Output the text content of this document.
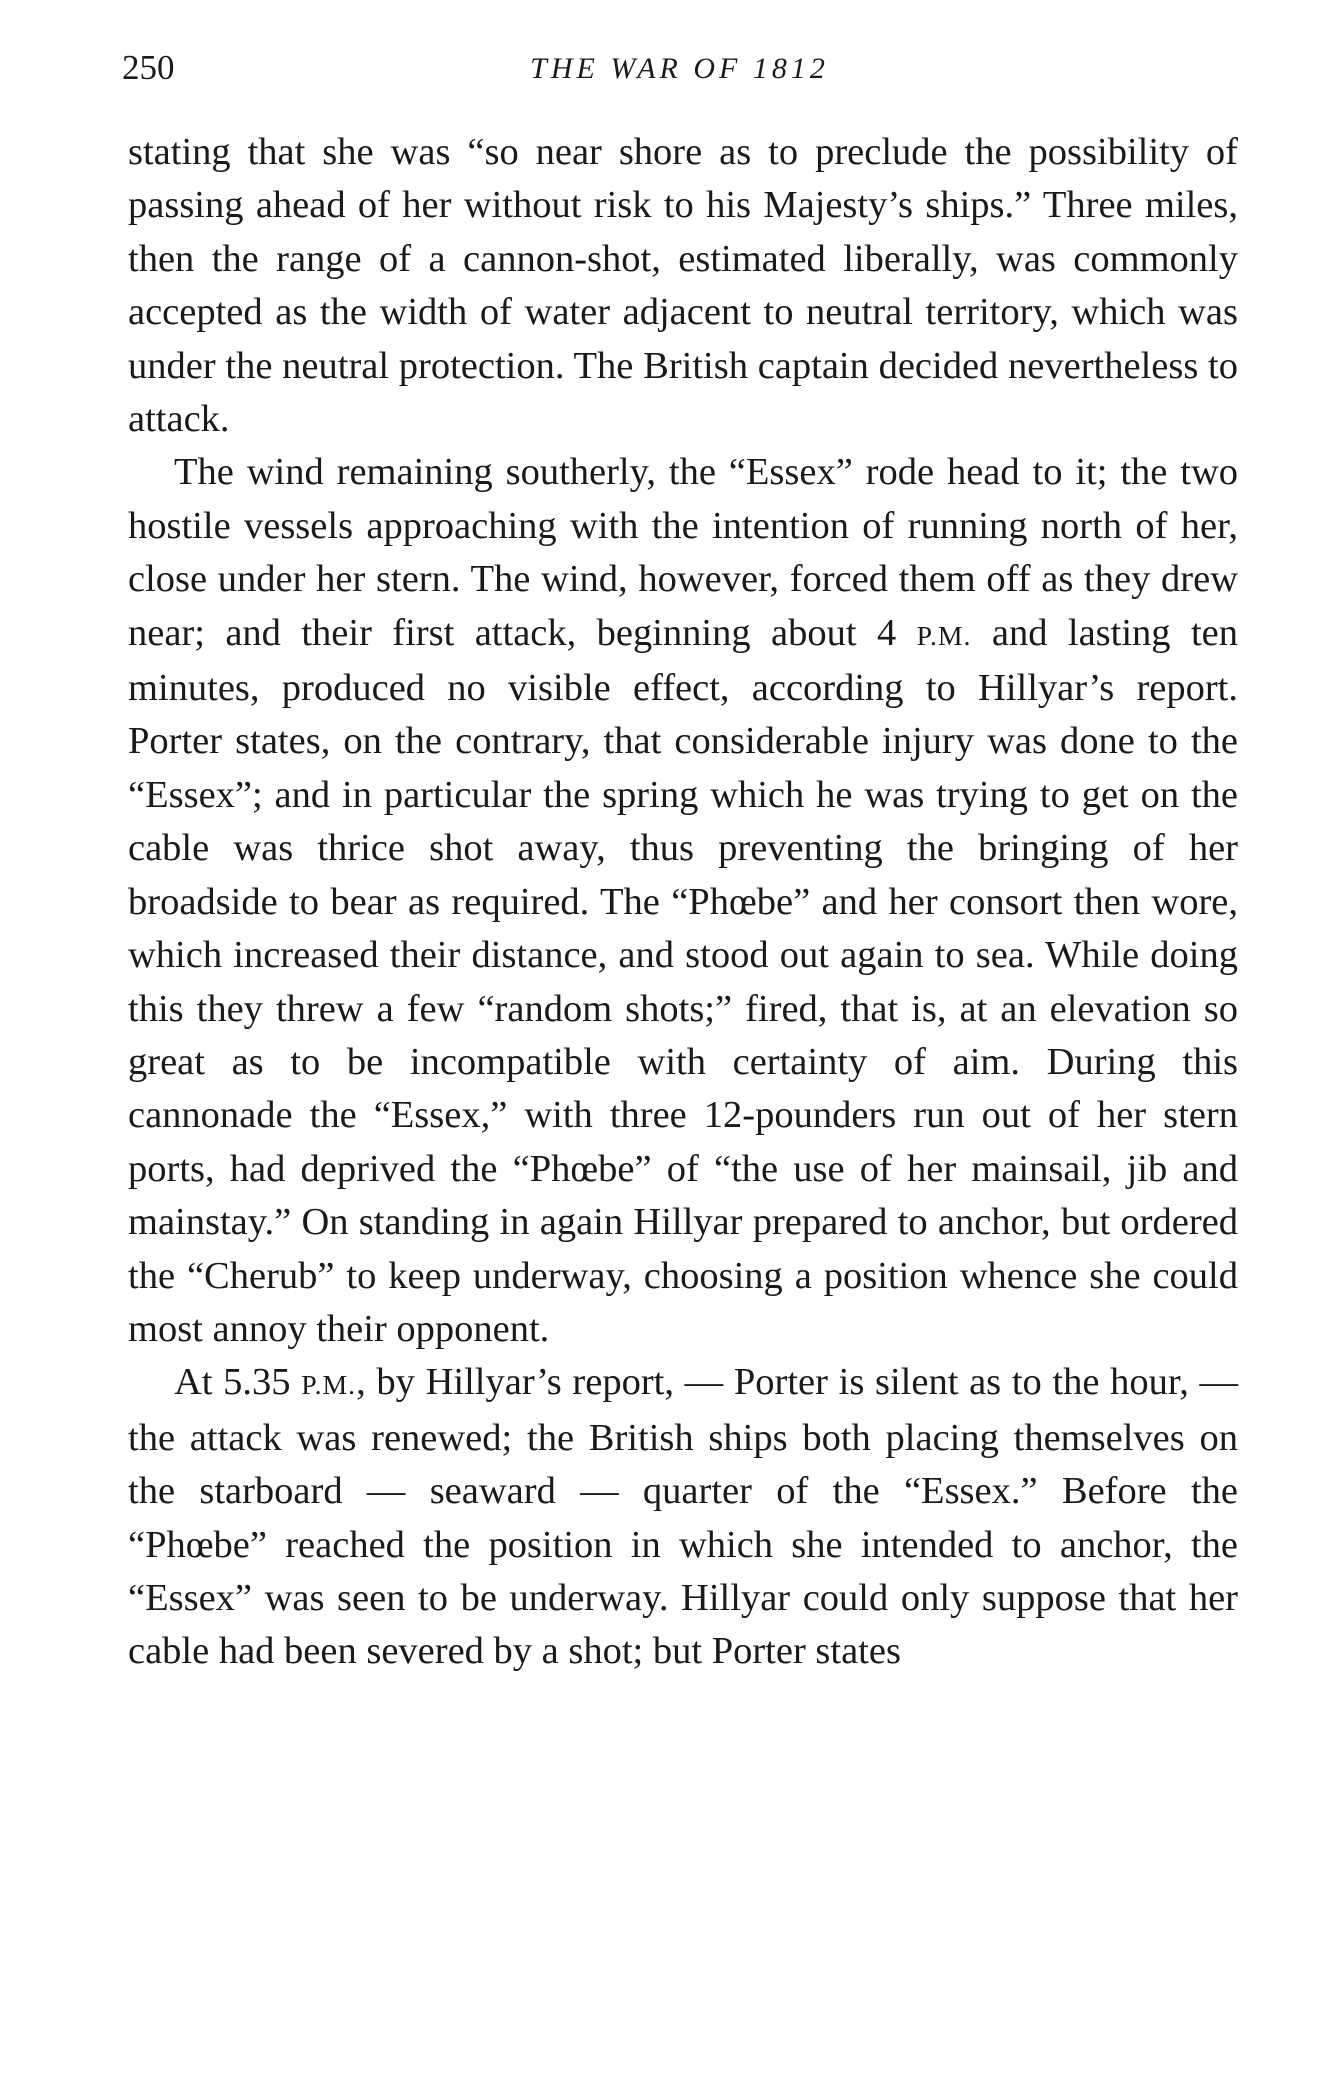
250	THE WAR OF 1812

stating that she was “so near shore as to preclude the possibility of passing ahead of her without risk to his Majesty’s ships.” Three miles, then the range of a cannon-shot, estimated liberally, was commonly accepted as the width of water adjacent to neutral territory, which was under the neutral protection. The British captain decided nevertheless to attack.

The wind remaining southerly, the “Essex” rode head to it; the two hostile vessels approaching with the intention of running north of her, close under her stern. The wind, however, forced them off as they drew near; and their first attack, beginning about 4 P.M. and lasting ten minutes, produced no visible effect, according to Hillyar’s report. Porter states, on the contrary, that considerable injury was done to the “Essex”; and in particular the spring which he was trying to get on the cable was thrice shot away, thus preventing the bringing of her broadside to bear as required. The “Phœbe” and her consort then wore, which increased their distance, and stood out again to sea. While doing this they threw a few “random shots;” fired, that is, at an elevation so great as to be incompatible with certainty of aim. During this cannonade the “Essex,” with three 12-pounders run out of her stern ports, had deprived the “Phœbe” of “the use of her mainsail, jib and mainstay.” On standing in again Hillyar prepared to anchor, but ordered the “Cherub” to keep underway, choosing a position whence she could most annoy their opponent.

At 5.35 P.M., by Hillyar’s report, — Porter is silent as to the hour, — the attack was renewed; the British ships both placing themselves on the starboard — seaward — quarter of the “Essex.” Before the “Phœbe” reached the position in which she intended to anchor, the “Essex” was seen to be underway. Hillyar could only suppose that her cable had been severed by a shot; but Porter states
